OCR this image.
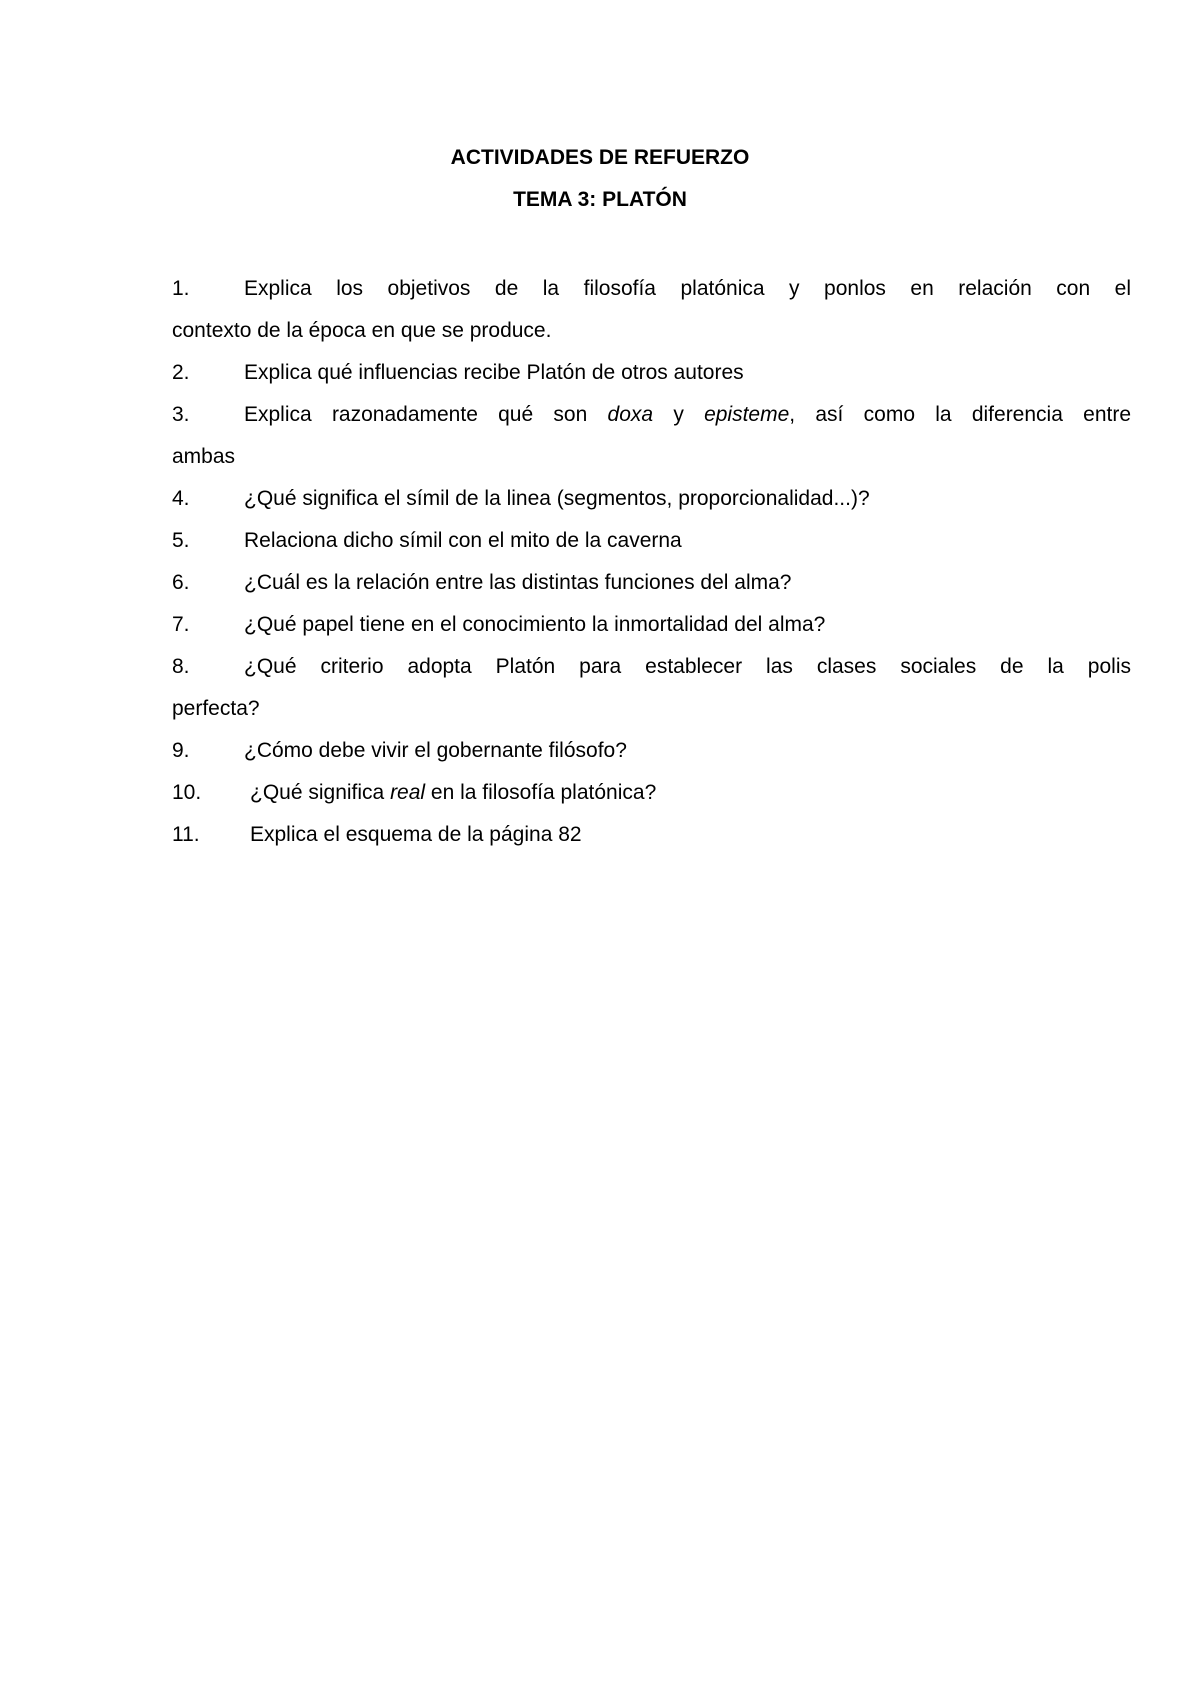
ACTIVIDADES DE REFUERZO
TEMA 3: PLATÓN
1.	Explica los objetivos de la filosofía platónica y ponlos en relación con el
contexto de la época en que se produce.
2.	Explica qué influencias recibe Platón de otros autores
3.	Explica razonadamente qué son doxa y episteme, así como la diferencia entre
ambas
4.	¿Qué significa el símil de la linea (segmentos, proporcionalidad...)?
5.	Relaciona dicho símil con el mito de la caverna
6.	¿Cuál es la relación entre las distintas funciones del alma?
7.	¿Qué papel tiene en el conocimiento la inmortalidad del alma?
8.	¿Qué criterio adopta Platón para establecer las clases sociales de la polis
perfecta?
9.	¿Cómo debe vivir el gobernante filósofo?
10. ¿Qué significa real en la filosofía platónica?
11. Explica el esquema de la página 82
